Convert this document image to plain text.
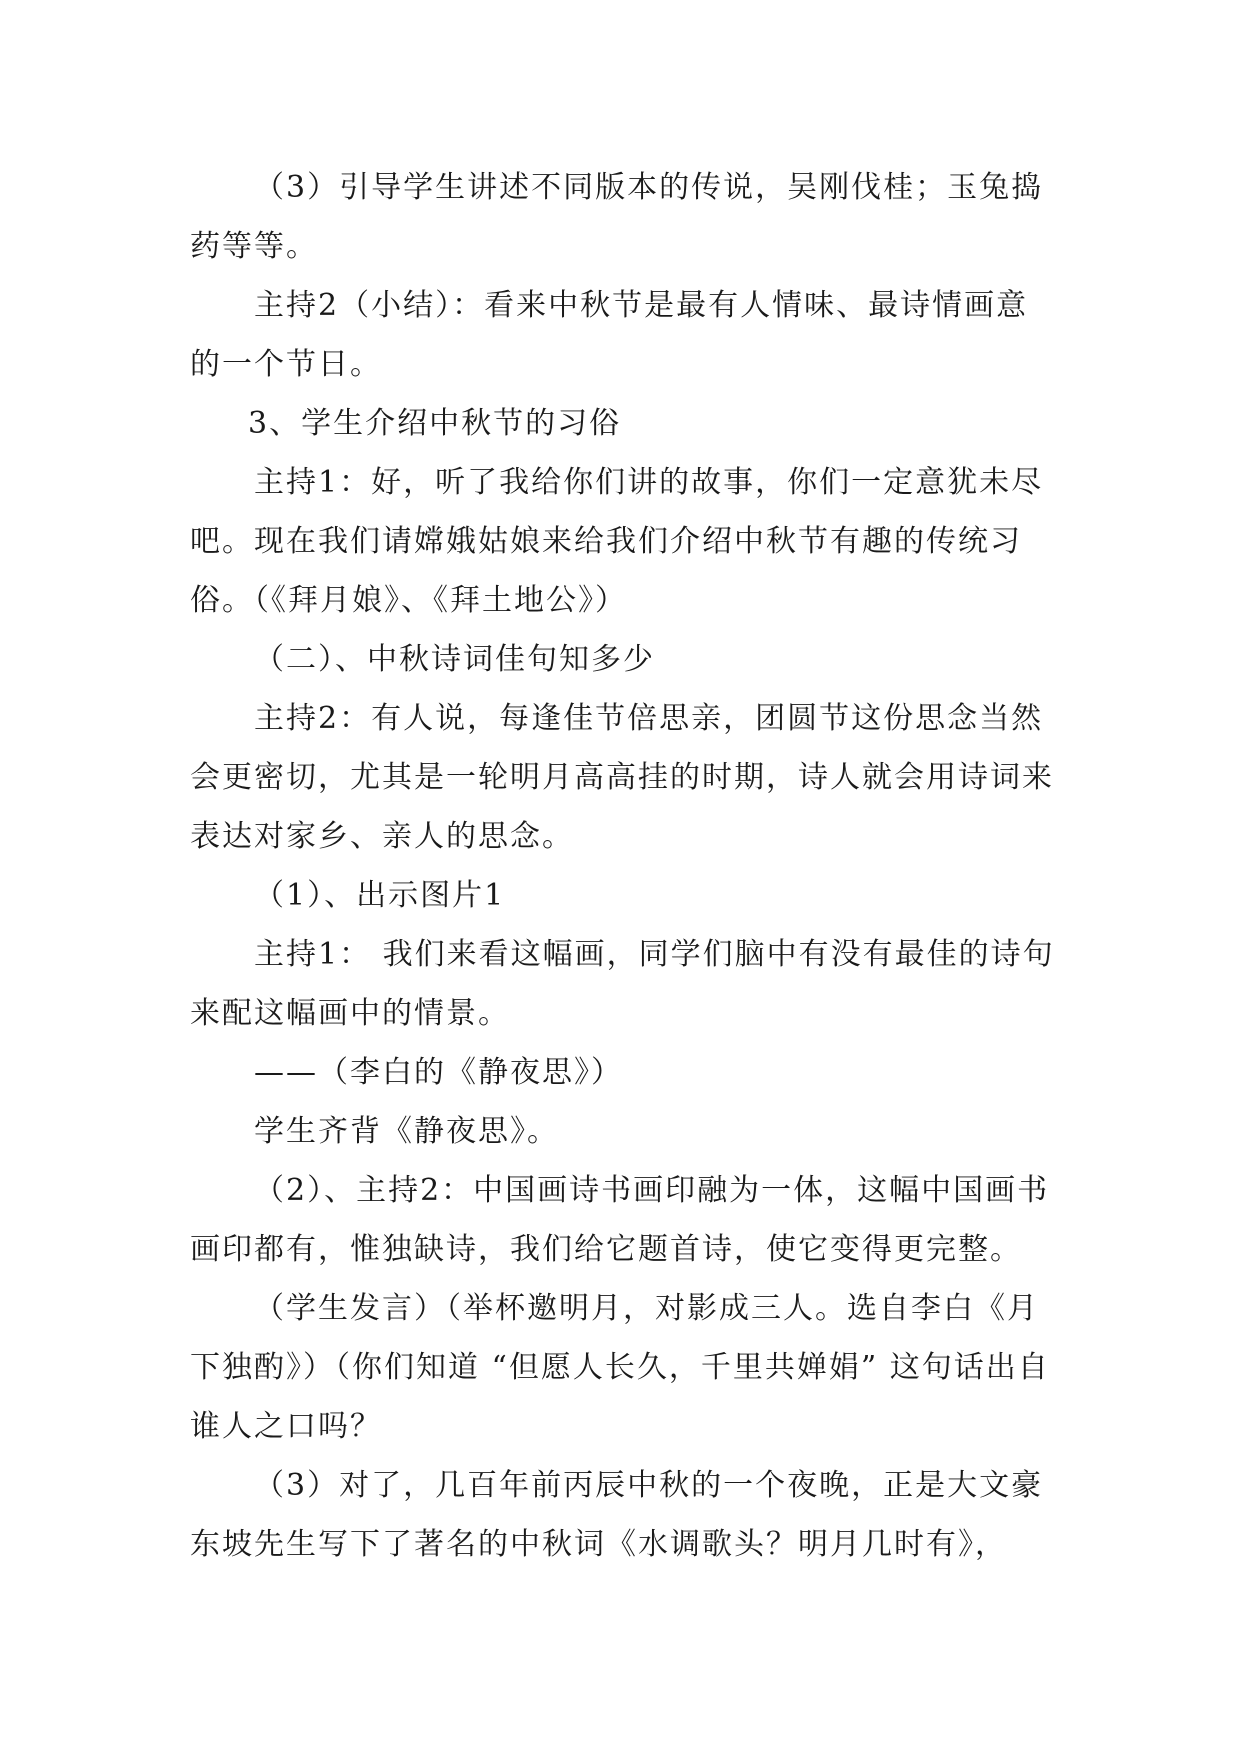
（3）引导学生讲述不同版本的传说，吴刚伐桂；玉兔捣药等等。

主持2（小结）：看来中秋节是最有人情味、最诗情画意的一个节日。

3、学生介绍中秋节的习俗

主持1：好，听了我给你们讲的故事，你们一定意犹未尽吧。现在我们请嫦娥姑娘来给我们介绍中秋节有趣的传统习俗。（《拜月娘》、《拜土地公》）

（二）、中秋诗词佳句知多少

主持2：有人说，每逢佳节倍思亲，团圆节这份思念当然会更密切，尤其是一轮明月高高挂的时期，诗人就会用诗词来表达对家乡、亲人的思念。

（1）、出示图片1

主持1： 我们来看这幅画，同学们脑中有没有最佳的诗句来配这幅画中的情景。

——（李白的《静夜思》）

学生齐背《静夜思》。

（2）、主持2：中国画诗书画印融为一体，这幅中国画书画印都有，惟独缺诗，我们给它题首诗，使它变得更完整。

（学生发言）（举杯邀明月，对影成三人。选自李白《月下独酌》）（你们知道 “但愿人长久，千里共婵娟” 这句话出自谁人之口吗？

（3）对了，几百年前丙辰中秋的一个夜晚，正是大文豪东坡先生写下了著名的中秋词《水调歌头？明月几时有》，
